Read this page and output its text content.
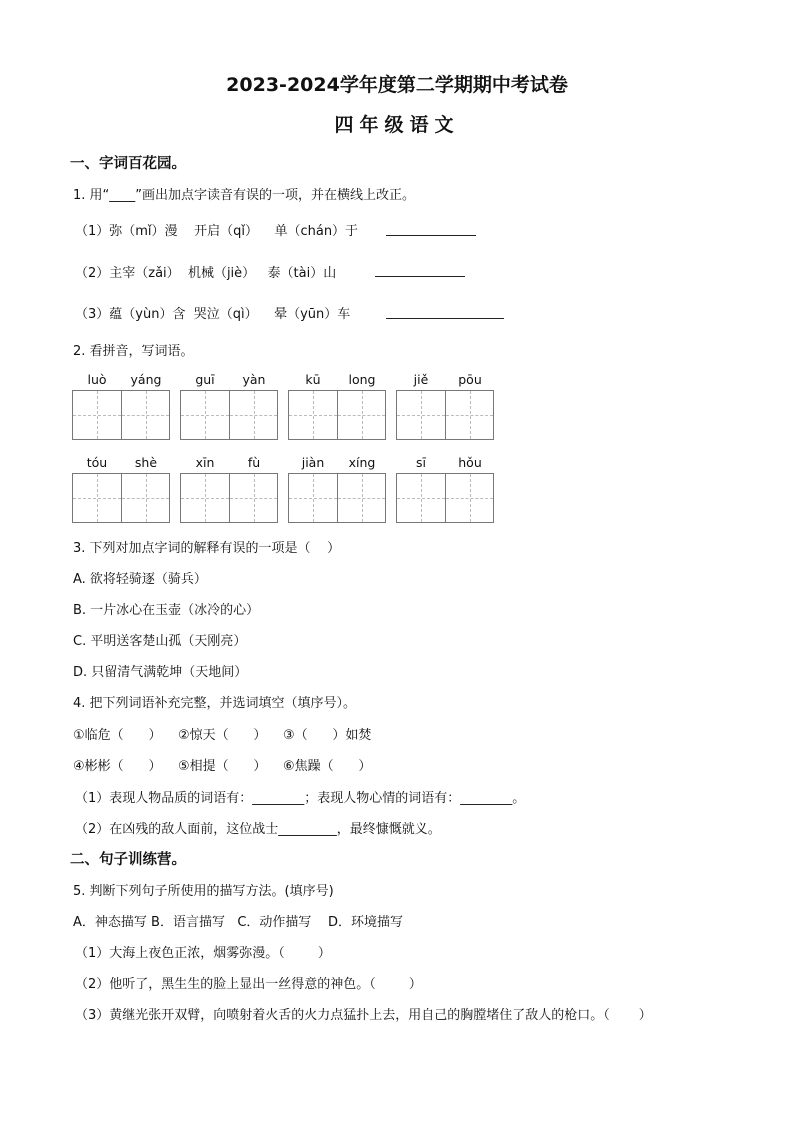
2023-2024学年度第二学期期中考试卷
四年级语文
一、字词百花园。
1. 用“____”画出加点字读音有误的一项，并在横线上改正。
（1）弥（mǐ）漫    开启（qǐ）    单（chán）于
（2）主宰（zǎi）  机械（jiè）   泰（tài）山
（3）蕴（yùn）含  哭泣（qì）    晕（yūn）车
2. 看拼音，写词语。
luò	yáng	guī	yàn	kū	long	jiě	pōu
tóu	shè	xīn	fù	jiàn	xíng	sī	hǒu
3. 下列对加点字词的解释有误的一项是（    ）
A. 欲将轻骑逐（骑兵）
B. 一片冰心在玉壶（冰冷的心）
C. 平明送客楚山孤（天刚亮）
D. 只留清气满乾坤（天地间）
4. 把下列词语补充完整，并选词填空（填序号）。
①临危（      ）    ②惊天（      ）    ③（      ）如焚
④彬彬（      ）    ⑤相提（      ）    ⑥焦躁（      ）
（1）表现人物品质的词语有：________；表现人物心情的词语有：________。
（2）在凶残的敌人面前，这位战士_________，最终慷慨就义。
二、句子训练营。
5. 判断下列句子所使用的描写方法。(填序号)
A．神态描写 B．语言描写   C．动作描写    D．环境描写
（1）大海上夜色正浓，烟雾弥漫。（        ）
（2）他听了，黑生生的脸上显出一丝得意的神色。（        ）
（3）黄继光张开双臂，向喷射着火舌的火力点猛扑上去，用自己的胸膛堵住了敌人的枪口。（       ）
